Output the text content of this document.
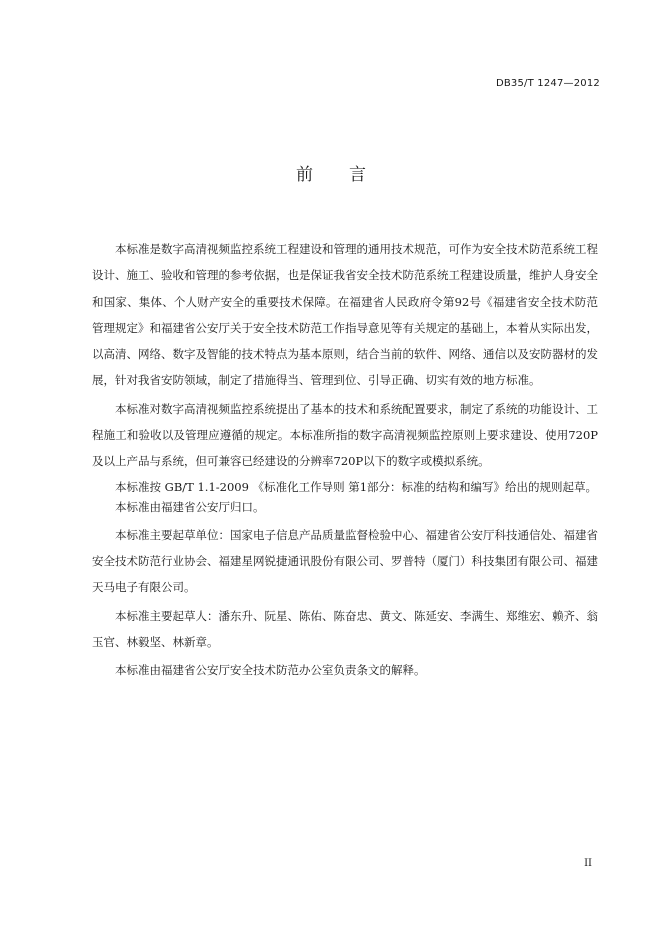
DB35/T 1247—2012
前言

本标准是数字高清视频监控系统工程建设和管理的通用技术规范，可作为安全技术防范系统工程设计、施工、验收和管理的参考依据，也是保证我省安全技术防范系统工程建设质量，维护人身安全和国家、集体、个人财产安全的重要技术保障。在福建省人民政府令第92号《福建省安全技术防范管理规定》和福建省公安厅关于安全技术防范工作指导意见等有关规定的基础上，本着从实际出发，以高清、网络、数字及智能的技术特点为基本原则，结合当前的软件、网络、通信以及安防器材的发展，针对我省安防领域，制定了措施得当、管理到位、引导正确、切实有效的地方标准。

本标准对数字高清视频监控系统提出了基本的技术和系统配置要求，制定了系统的功能设计、工程施工和验收以及管理应遵循的规定。本标准所指的数字高清视频监控原则上要求建设、使用720P及以上产品与系统，但可兼容已经建设的分辨率720P以下的数字或模拟系统。

本标准按 GB/T 1.1-2009 《标准化工作导则 第1部分：标准的结构和编写》给出的规则起草。

本标准由福建省公安厅归口。

本标准主要起草单位：国家电子信息产品质量监督检验中心、福建省公安厅科技通信处、福建省安全技术防范行业协会、福建星网锐捷通讯股份有限公司、罗普特（厦门）科技集团有限公司、福建天马电子有限公司。

本标准主要起草人：潘东升、阮星、陈佑、陈奋忠、黄文、陈延安、李满生、郑维宏、赖齐、翁玉官、林毅坚、林新章。

本标准由福建省公安厅安全技术防范办公室负责条文的解释。

II
